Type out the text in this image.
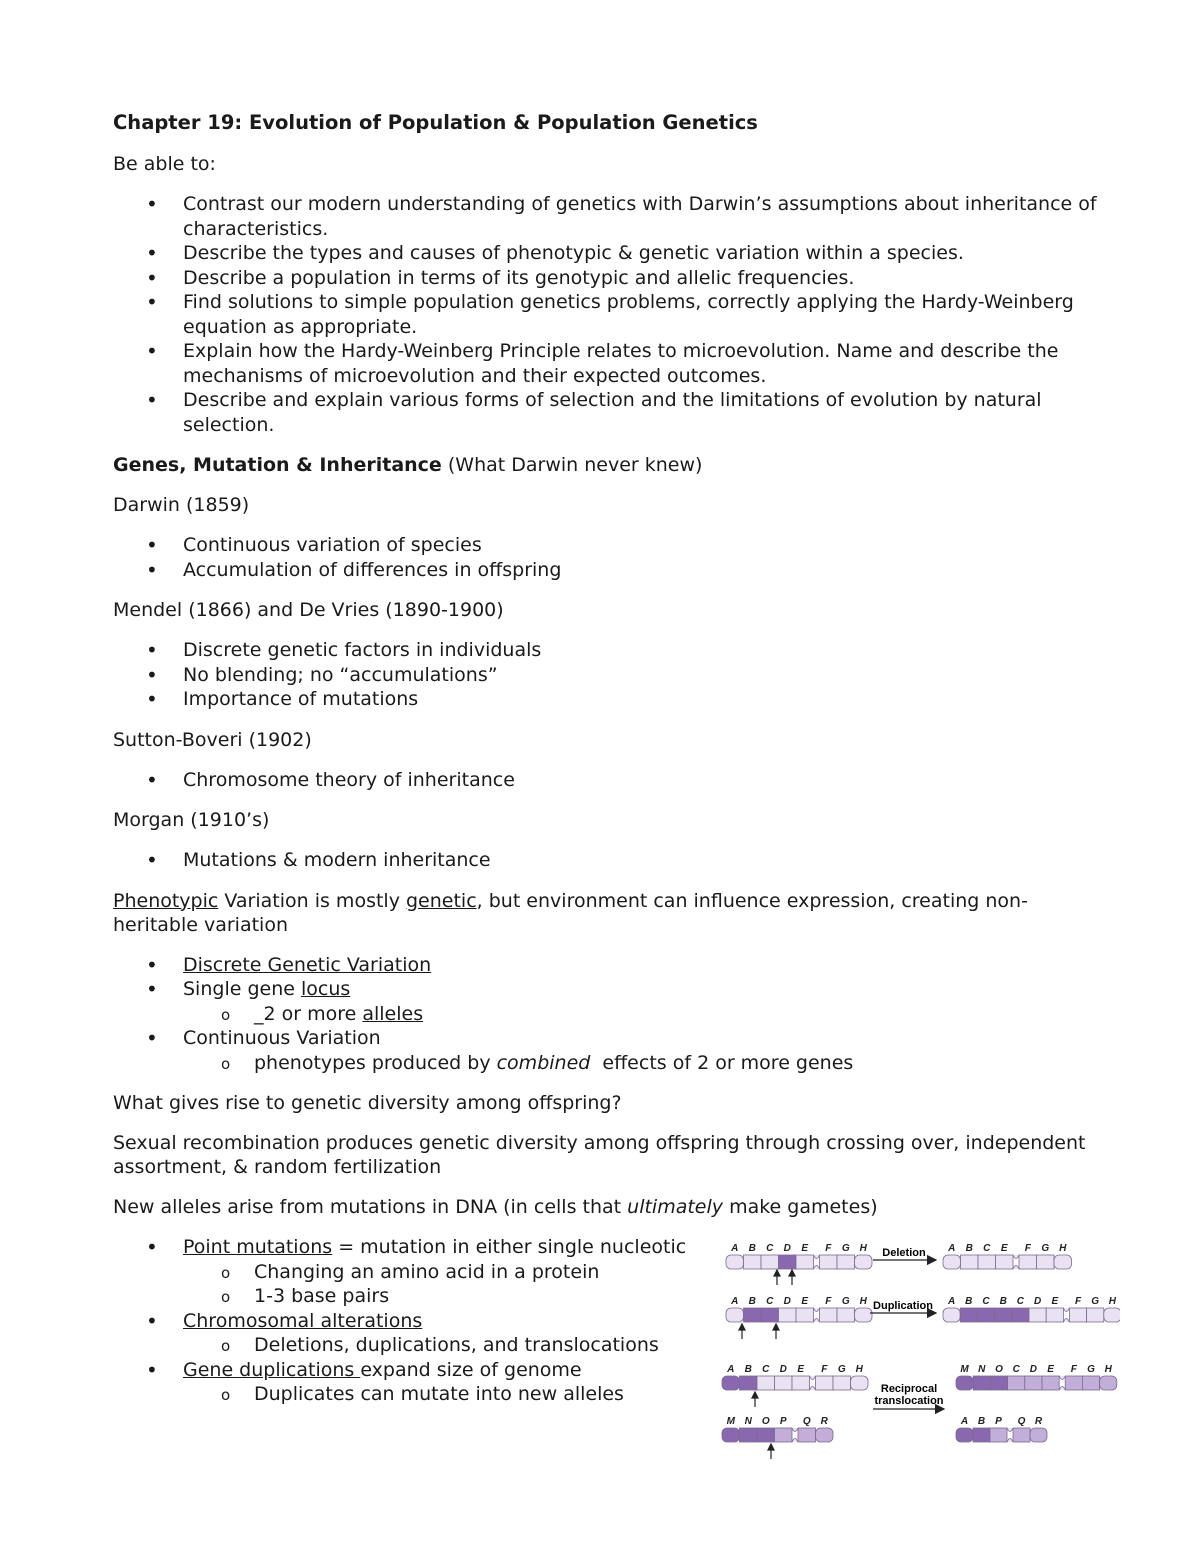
Chapter 19: Evolution of Population & Population Genetics

Be able to:

• Contrast our modern understanding of genetics with Darwin’s assumptions about inheritance of characteristics.
• Describe the types and causes of phenotypic & genetic variation within a species.
• Describe a population in terms of its genotypic and allelic frequencies.
• Find solutions to simple population genetics problems, correctly applying the Hardy-Weinberg equation as appropriate.
• Explain how the Hardy-Weinberg Principle relates to microevolution. Name and describe the mechanisms of microevolution and their expected outcomes.
• Describe and explain various forms of selection and the limitations of evolution by natural selection.

Genes, Mutation & Inheritance (What Darwin never knew)

Darwin (1859)

• Continuous variation of species
• Accumulation of differences in offspring

Mendel (1866) and De Vries (1890-1900)

• Discrete genetic factors in individuals
• No blending; no “accumulations”
• Importance of mutations

Sutton-Boveri (1902)

• Chromosome theory of inheritance

Morgan (1910’s)

• Mutations & modern inheritance

Phenotypic Variation is mostly genetic, but environment can influence expression, creating non-heritable variation

• Discrete Genetic Variation
• Single gene locus
o _2 or more alleles
• Continuous Variation
o phenotypes produced by combined  effects of 2 or more genes

What gives rise to genetic diversity among offspring?

Sexual recombination produces genetic diversity among offspring through crossing over, independent assortment, & random fertilization

New alleles arise from mutations in DNA (in cells that ultimately make gametes)

• Point mutations = mutation in either single nucleotic
o Changing an amino acid in a protein
o 1-3 base pairs
• Chromosomal alterations
o Deletions, duplications, and translocations
• Gene duplications expand size of genome
o Duplicates can mutate into new alleles
A B C D E F G H	A B C E F G H
A B C D E F G H	A B C B C D E F G H
A B C D E F G H	M N O C D E F G H
M N O P Q R	A B P Q R
Deletion
Duplication
Reciprocal
translocation
